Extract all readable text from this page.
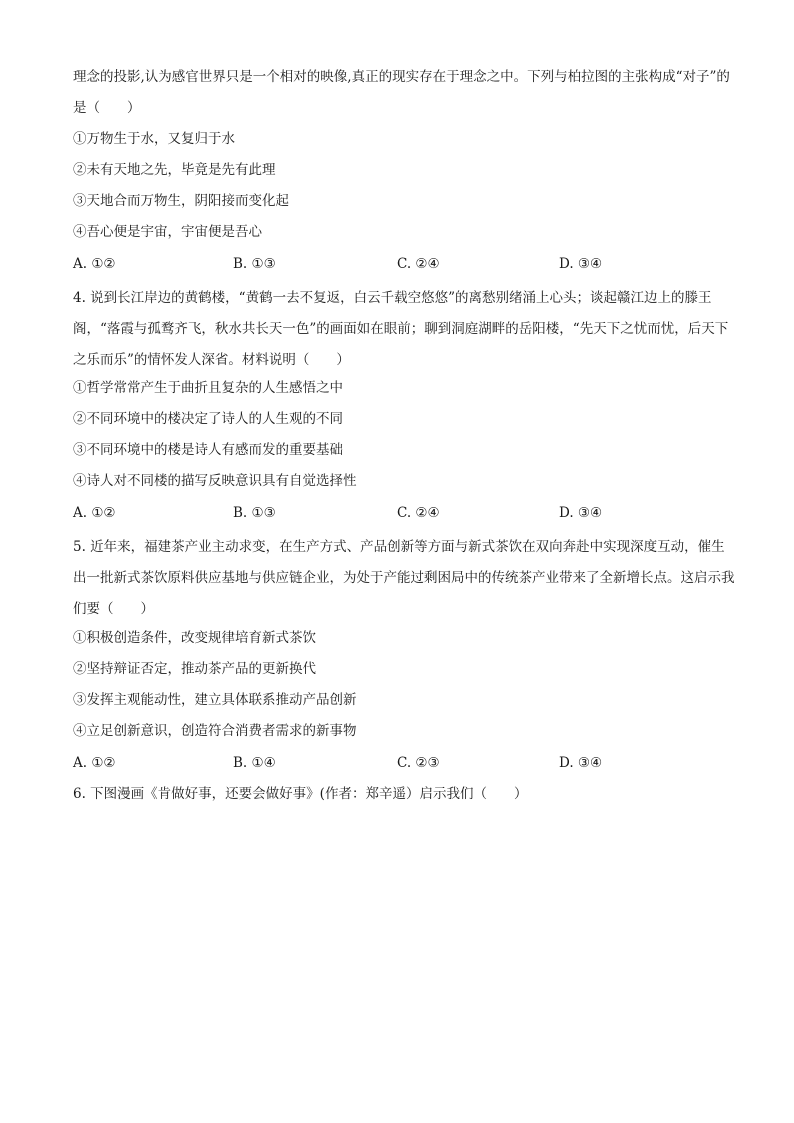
理念的投影,认为感官世界只是一个相对的映像,真正的现实存在于理念之中。下列与柏拉图的主张构成“对子”的是（　　）

①万物生于水，又复归于水
②未有天地之先，毕竟是先有此理
③天地合而万物生，阴阳接而变化起
④吾心便是宇宙，宇宙便是吾心
A. ①②	B. ①③	C. ②④	D. ③④

4. 说到长江岸边的黄鹤楼，“黄鹤一去不复返，白云千载空悠悠”的离愁别绪涌上心头；谈起赣江边上的滕王阁，“落霞与孤鹜齐飞，秋水共长天一色”的画面如在眼前；聊到洞庭湖畔的岳阳楼，“先天下之忧而忧，后天下之乐而乐”的情怀发人深省。材料说明（　　）

①哲学常常产生于曲折且复杂的人生感悟之中
②不同环境中的楼决定了诗人的人生观的不同
③不同环境中的楼是诗人有感而发的重要基础
④诗人对不同楼的描写反映意识具有自觉选择性
A. ①②	B. ①③	C. ②④	D. ③④

5. 近年来，福建茶产业主动求变，在生产方式、产品创新等方面与新式茶饮在双向奔赴中实现深度互动，催生出一批新式茶饮原料供应基地与供应链企业，为处于产能过剩困局中的传统茶产业带来了全新增长点。这启示我们要（　　）

①积极创造条件，改变规律培育新式茶饮
②坚持辩证否定，推动茶产品的更新换代
③发挥主观能动性，建立具体联系推动产品创新
④立足创新意识，创造符合消费者需求的新事物
A. ①②	B. ①④	C. ②③	D. ③④
6. 下图漫画《肯做好事，还要会做好事》(作者：郑辛遥）启示我们（　　）
